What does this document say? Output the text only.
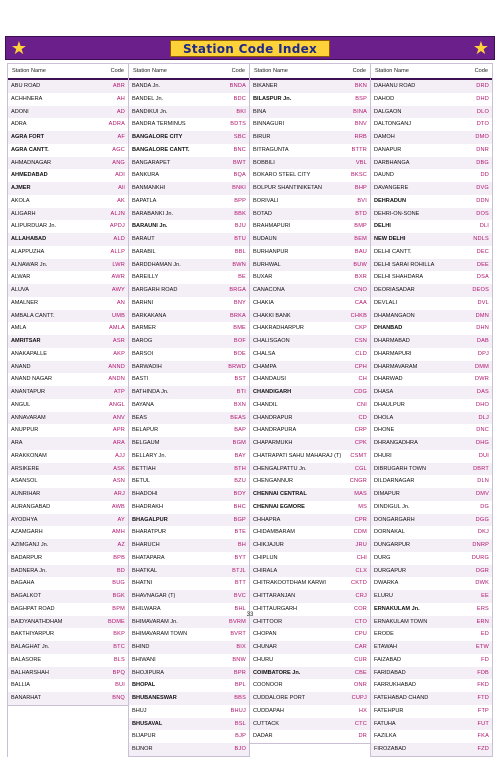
★	★
Station Code Index
Station Name	Code
ABU ROAD	ABR
ACHHNERA	AH
ADONI	AD
ADRA	ADRA
AGRA FORT	AF
AGRA CANTT.	AGC
AHMADNAGAR	ANG
AHMEDABAD	ADI
AJMER	All
AKOLA	AK
ALIGARH	ALJN
ALIPURDUAR Jn.	APDJ
ALLAHABAD	ALD
ALAPPUZHA	ALLP
ALNAWAR Jn.	LWR
ALWAR	AWR
ALUVA	AWY
AMALNER	AN
AMBALA CANTT.	UMB
AMLA	AMLA
AMRITSAR	ASR
ANAKAPALLE	AKP
ANAND	ANND
ANAND NAGAR	ANDN
ANANTAPUR	ATP
ANGUL	ANGL
ANNAVARAM	ANV
ANUPPUR	APR
ARA	ARA
ARAKKONAM	AJJ
ARSIKERE	ASK
ASANSOL	ASN
AUNRIHAR	ARJ
AURANGABAD	AWB
AYODHYA	AY
AZAMGARH	AMH
AZIMGANJ Jn.	AZ
BADARPUR	BPB
BADNERA Jn.	BD
BAGAHA	BUG
BAGALKOT	BGK
BAGHPAT ROAD	BPM
BAIDYANATHDHAM	BDME
BAKTHIYARPUR	BKP
BALAGHAT Jn.	BTC
BALASORE	BLS
BALHARSHAH	BPQ
BALLIA	BUI
BANARHAT	BNQ
Station Name	Code
BANDA Jn.	BNDA
BANDEL Jn.	BDC
BANDIKUI Jn.	BKI
BANDRA TERMINUS	BDTS
BANGALORE CITY	SBC
BANGALORE CANTT.	BNC
BANGARAPET	BWT
BANKURA	BQA
BANMANKHI	BNKI
BAPATLA	BPP
BARABANKI Jn.	BBK
BARAUNI Jn.	BJU
BARAUT	BTU
BARABIL	BBL
BARDDHAMAN Jn.	BWN
BAREILLY	BE
BARGARH ROAD	BRGA
BARHNI	BNY
BARKAKANA	BRKA
BARMER	BME
BAROG	BOF
BARSOI	BOE
BARWADIH	BRWD
BASTI	BST
BATHINDA Jn.	BTI
BAYANA	BXN
BEAS	BEAS
BELAPUR	BAP
BELGAUM	BGM
BELLARY Jn.	BAY
BETTIAH	BTH
BETUL	BZU
BHADOHI	BOY
BHADRAKH	BHC
BHAGALPUR	BGP
BHARATPUR	BTE
BHARUCH	BH
BHATAPARA	BYT
BHATKAL	BTJL
BHATNI	BTT
BHAVNAGAR (T)	BVC
BHILWARA	BHL
BHIMAVARAM Jn.	BVRM
BHIMAVARAM TOWN	BVRT
BHIND	BIX
BHIWANI	BNW
BHOJIPURA	BPR
BHOPAL	BPL
BHUBANESWAR	BBS
BHUJ	BHUJ
BHUSAVAL	BSL
BIJAPUR	BJP
BIJNOR	BJO
Station Name	Code
BIKANER	BKN
BILASPUR Jn.	BSP
BINA	BINA
BINNAGURI	BNV
BIRUR	RRB
BITRAGUNTA	BTTR
BOBBILI	VBL
BOKARO STEEL CITY	BKSC
BOLPUR SHANTINIKETAN	BHP
BORIVALI	BVI
BOTAD	BTD
BRAHMAPURI	BMP
BUDAUN	BEM
BURHANPUR	BAU
BURHWAL	BUW
BUXAR	BXR
CANACONA	CNO
CHAKIA	CAA
CHAKKI BANK	CHKB
CHAKRADHARPUR	CKP
CHALISGAON	CSN
CHALSA	CLD
CHAMPA	CPH
CHANDAUSI	CH
CHANDIGARH	CDG
CHANDIL	CNI
CHANDRAPUR	CD
CHANDRAPURA	CRP
CHAPARMUKH	CPK
CHATRAPATI SAHU MAHARAJ (T) CSMT
CHENGALPATTU Jn.	CGL
CHENGANNUR	CNGR
CHENNAI CENTRAL	MAS
CHENNAI EGMORE	MS
CHHAPRA	CPR
CHIDAMBARAM	CDM
CHIKJAJUR	JRU
CHIPLUN	CHI
CHIRALA	CLX
CHITRAKOOTDHAM KARWI	CKTD
CHITTARANJAN	CRJ
CHITTAURGARH	COR
CHITTOOR	CTO
CHOPAN	CPU
CHUNAR	CAR
CHURU	CUR
COIMBATORE Jn.	CBE
COONOOR	ONR
CUDDALORE PORT	CUPJ
CUDDAPAH	HX
CUTTACK	CTC
DADAR	DR
Station Name	Code
DAHANU ROAD	DRD
DAHOD	DHD
DALGAON	DLO
DALTONGANJ	DTO
DAMOH	DMO
DANAPUR	DNR
DARBHANGA	DBG
DAUND	DD
DAVANGERE	DVG
DEHRADUN	DDN
DEHRI-ON-SONE	DOS
DELHI	DLI
NEW DELHI	NDLS
DELHI CANTT.	DEC
DELHI SARAI ROHILLA	DEE
DELHI SHAHDARA	DSA
DEORIASADAR	DEOS
DEVLALI	DVL
DHAMANGAON	DMN
DHANBAD	DHN
DHARMABAD	DAB
DHARMAPURI	DPJ
DHARMAVARAM	DMM
DHARWAD	DWR
DHASA	DAS
DHAULPUR	DHO
DHOLA	DLJ
DHONE	DNC
DHRANGADHRA	DHG
DHURI	DUI
DIBRUGARH TOWN	DBRT
DILDARNAGAR	DLN
DIMAPUR	DMV
DINDIGUL Jn.	DG
DONGARGARH	DGG
DORNAKAL	DKJ
DUNGARPUR	DNRP
DURG	DURG
DURGAPUR	DGR
DWARKA	DWK
ELURU	EE
ERNAKULAM Jn.	ERS
ERNAKULAM TOWN	ERN
ERODE	ED
ETAWAH	ETW
FAIZABAD	FD
FARIDABAD	FDB
FARRUKHABAD	FKD
FATEHABAD CHAND	FTD
FATEHPUR	FTP
FATUHA	FUT
FAZILKA	FKA
FIROZABAD	FZD
33
